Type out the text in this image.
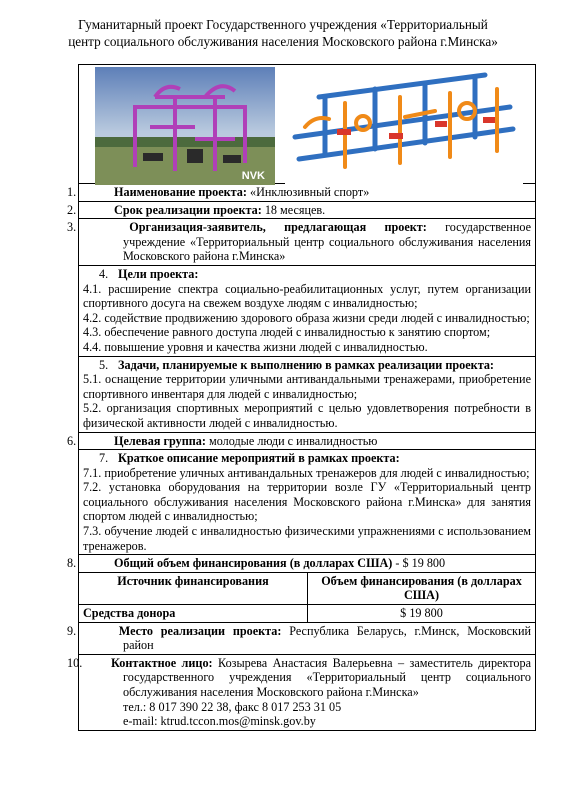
Гуманитарный проект Государственного учреждения «Территориальный
центр социального обслуживания населения Московского района г.Минска»
NVK
1.	Наименование проекта: «Инклюзивный спорт»
2.	Срок реализации проекта: 18 месяцев.
3.	Организация-заявитель, предлагающая проект: государственное учреждение «Территориальный центр социального обслуживания населения Московского района г.Минска»
4. Цели проекта:
4.1. расширение спектра социально-реабилитационных услуг, путем организации спортивного досуга на свежем воздухе людям с инвалидностью;
4.2. содействие продвижению здорового образа жизни среди людей с инвалидностью;
4.3. обеспечение равного доступа людей с инвалидностью к занятию спортом;
4.4. повышение уровня и качества жизни людей с инвалидностью.
5. Задачи, планируемые к выполнению в рамках реализации проекта:
5.1. оснащение территории уличными антивандальными тренажерами, приобретение спортивного инвентаря для людей с инвалидностью;
5.2. организация спортивных мероприятий с целью удовлетворения потребности в физической активности людей с инвалидностью.
6.	Целевая группа: молодые люди с инвалидностью
7. Краткое описание мероприятий в рамках проекта:
7.1. приобретение уличных антивандальных тренажеров для людей с инвалидностью;
7.2. установка оборудования на территории возле ГУ «Территориальный центр социального обслуживания населения Московского района г.Минска» для занятия спортом людей с инвалидностью;
7.3. обучение людей с инвалидностью физическими упражнениями с использованием тренажеров.
8.	Общий объем финансирования (в долларах США) - $ 19 800
Источник финансирования	Объем финансирования (в долларах США)
Средства донора	$ 19 800
9.	Место реализации проекта: Республика Беларусь, г.Минск, Московский район
10. Контактное лицо: Козырева Анастасия Валерьевна – заместитель директора государственного учреждения «Территориальный центр социального обслуживания населения Московского района г.Минска»
тел.: 8 017 390 22 38, факс 8 017 253 31 05
e-mail: ktrud.tccon.mos@minsk.gov.by
